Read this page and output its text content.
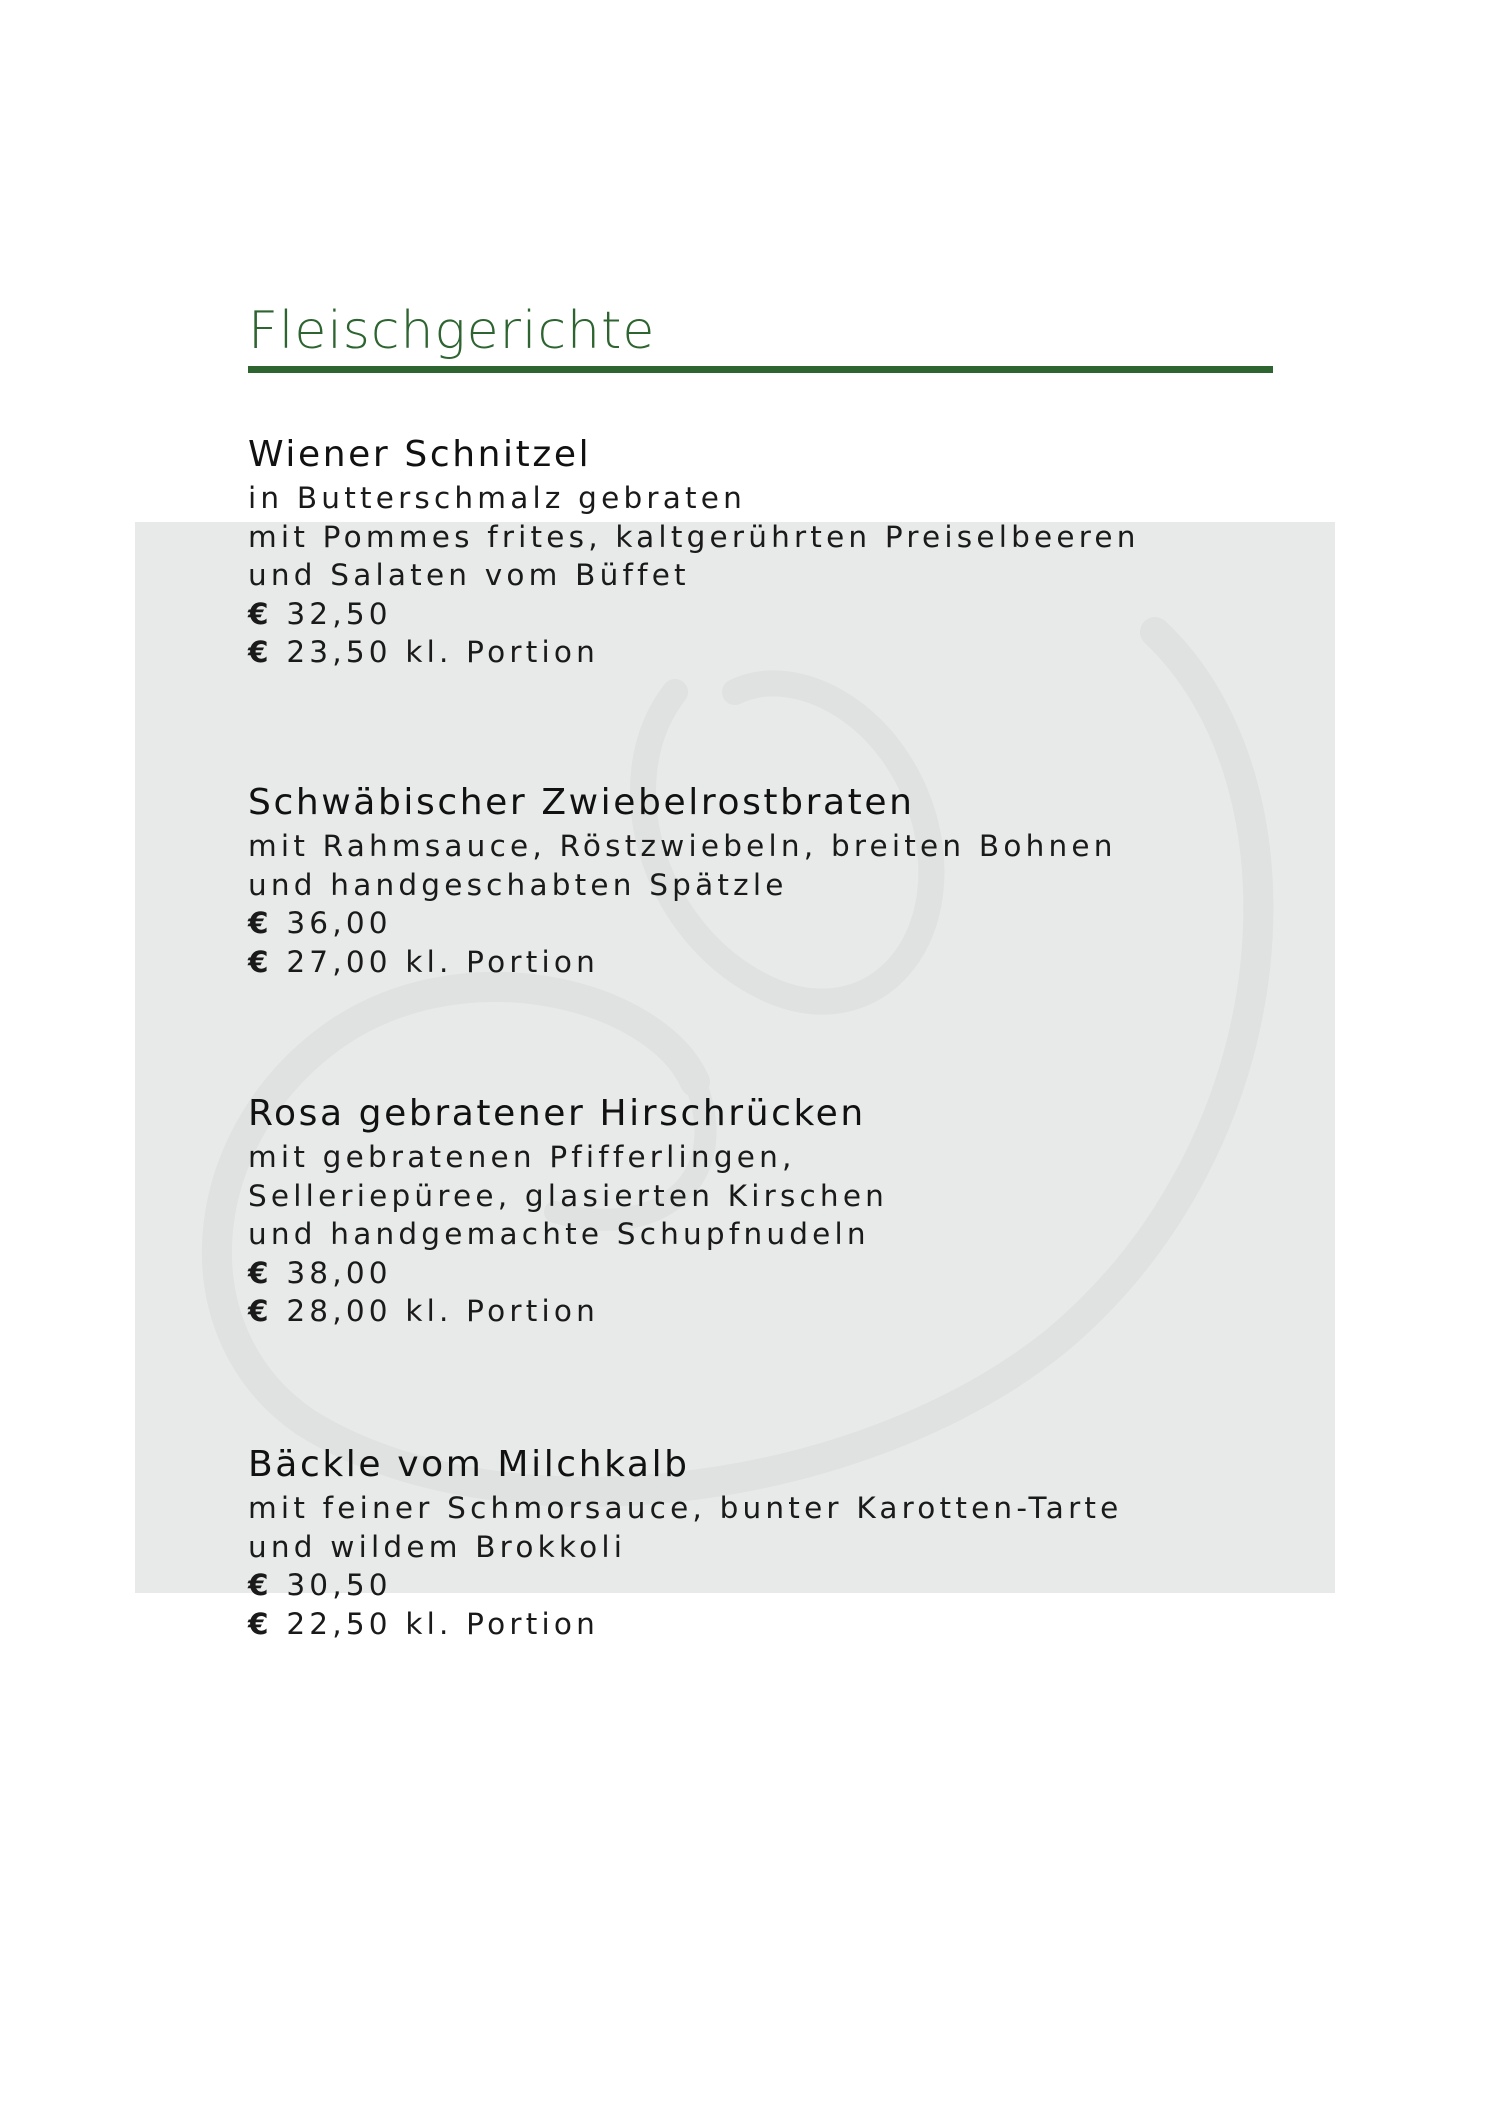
Fleischgerichte
Wiener Schnitzel
in Butterschmalz gebraten
mit Pommes frites, kaltgerührten Preiselbeeren
und Salaten vom Büffet
€ 32,50
€ 23,50 kl. Portion
Schwäbischer Zwiebelrostbraten
mit Rahmsauce, Röstzwiebeln, breiten Bohnen
und handgeschabten Spätzle
€ 36,00
€ 27,00 kl. Portion
Rosa gebratener Hirschrücken
mit gebratenen Pfifferlingen,
Selleriepüree, glasierten Kirschen
und handgemachte Schupfnudeln
€ 38,00
€ 28,00 kl. Portion
Bäckle vom Milchkalb
mit feiner Schmorsauce, bunter Karotten-Tarte
und wildem Brokkoli
€ 30,50
€ 22,50 kl. Portion
